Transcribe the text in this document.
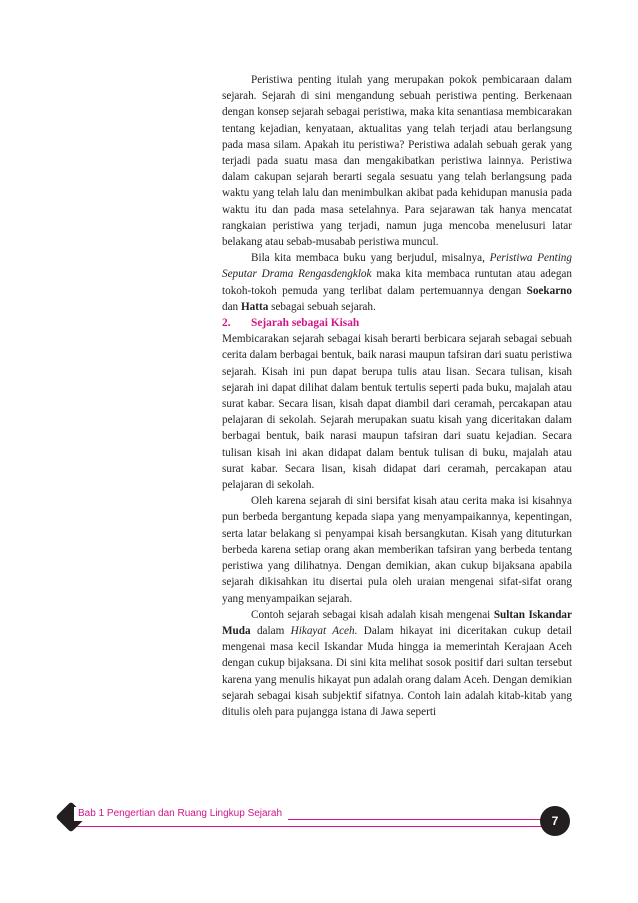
Peristiwa penting itulah yang merupakan pokok pembicaraan dalam sejarah. Sejarah di sini mengandung sebuah peristiwa penting. Berkenaan dengan konsep sejarah sebagai peristiwa, maka kita senantiasa membicarakan tentang kejadian, kenyataan, aktualitas yang telah terjadi atau berlangsung pada masa silam. Apakah itu peristiwa? Peristiwa adalah sebuah gerak yang terjadi pada suatu masa dan mengakibatkan peristiwa lainnya. Peristiwa dalam cakupan sejarah berarti segala sesuatu yang telah berlangsung pada waktu yang telah lalu dan menimbulkan akibat pada kehidupan manusia pada waktu itu dan pada masa setelahnya. Para sejarawan tak hanya mencatat rangkaian peristiwa yang terjadi, namun juga mencoba menelusuri latar belakang atau sebab-musabab peristiwa muncul.

Bila kita membaca buku yang berjudul, misalnya, Peristiwa Penting Seputar Drama Rengasdengklok maka kita membaca runtutan atau adegan tokoh-tokoh pemuda yang terlibat dalam pertemuannya dengan Soekarno dan Hatta sebagai sebuah sejarah.

2. Sejarah sebagai Kisah

Membicarakan sejarah sebagai kisah berarti berbicara sejarah sebagai sebuah cerita dalam berbagai bentuk, baik narasi maupun tafsiran dari suatu peristiwa sejarah. Kisah ini pun dapat berupa tulis atau lisan. Secara tulisan, kisah sejarah ini dapat dilihat dalam bentuk tertulis seperti pada buku, majalah atau surat kabar. Secara lisan, kisah dapat diambil dari ceramah, percakapan atau pelajaran di sekolah. Sejarah merupakan suatu kisah yang diceritakan dalam berbagai bentuk, baik narasi maupun tafsiran dari suatu kejadian. Secara tulisan kisah ini akan didapat dalam bentuk tulisan di buku, majalah atau surat kabar. Secara lisan, kisah didapat dari ceramah, percakapan atau pelajaran di sekolah.

Oleh karena sejarah di sini bersifat kisah atau cerita maka isi kisahnya pun berbeda bergantung kepada siapa yang menyampaikannya, kepentingan, serta latar belakang si penyampai kisah bersangkutan. Kisah yang dituturkan berbeda karena setiap orang akan memberikan tafsiran yang berbeda tentang peristiwa yang dilihatnya. Dengan demikian, akan cukup bijaksana apabila sejarah dikisahkan itu disertai pula oleh uraian mengenai sifat-sifat orang yang menyampaikan sejarah.

Contoh sejarah sebagai kisah adalah kisah mengenai Sultan Iskandar Muda dalam Hikayat Aceh. Dalam hikayat ini diceritakan cukup detail mengenai masa kecil Iskandar Muda hingga ia memerintah Kerajaan Aceh dengan cukup bijaksana. Di sini kita melihat sosok positif dari sultan tersebut karena yang menulis hikayat pun adalah orang dalam Aceh. Dengan demikian sejarah sebagai kisah subjektif sifatnya. Contoh lain adalah kitab-kitab yang ditulis oleh para pujangga istana di Jawa seperti

Bab 1 Pengertian dan Ruang Lingkup Sejarah
7
